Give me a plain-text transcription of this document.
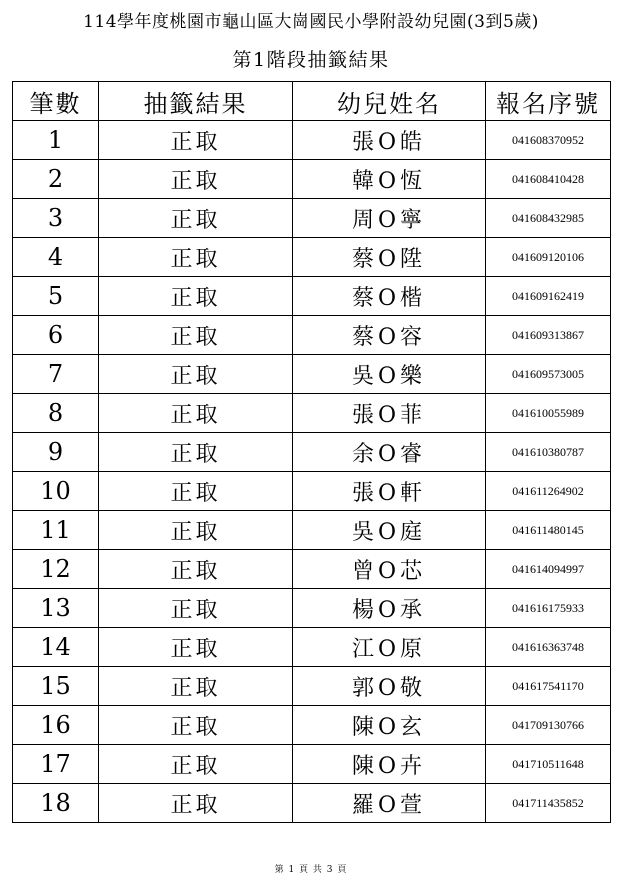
114學年度桃園市龜山區大崗國民小學附設幼兒園(3到5歲)
第1階段抽籤結果
筆數	抽籤結果	幼兒姓名	報名序號
1	正取	張O皓	041608370952
2	正取	韓O恆	041608410428
3	正取	周O寧	041608432985
4	正取	蔡O陞	041609120106
5	正取	蔡O楷	041609162419
6	正取	蔡O容	041609313867
7	正取	吳O樂	041609573005
8	正取	張O菲	041610055989
9	正取	余O睿	041610380787
10	正取	張O軒	041611264902
11	正取	吳O庭	041611480145
12	正取	曾O芯	041614094997
13	正取	楊O承	041616175933
14	正取	江O原	041616363748
15	正取	郭O敬	041617541170
16	正取	陳O玄	041709130766
17	正取	陳O卉	041710511648
18	正取	羅O萱	041711435852
第 1 頁 共 3 頁
